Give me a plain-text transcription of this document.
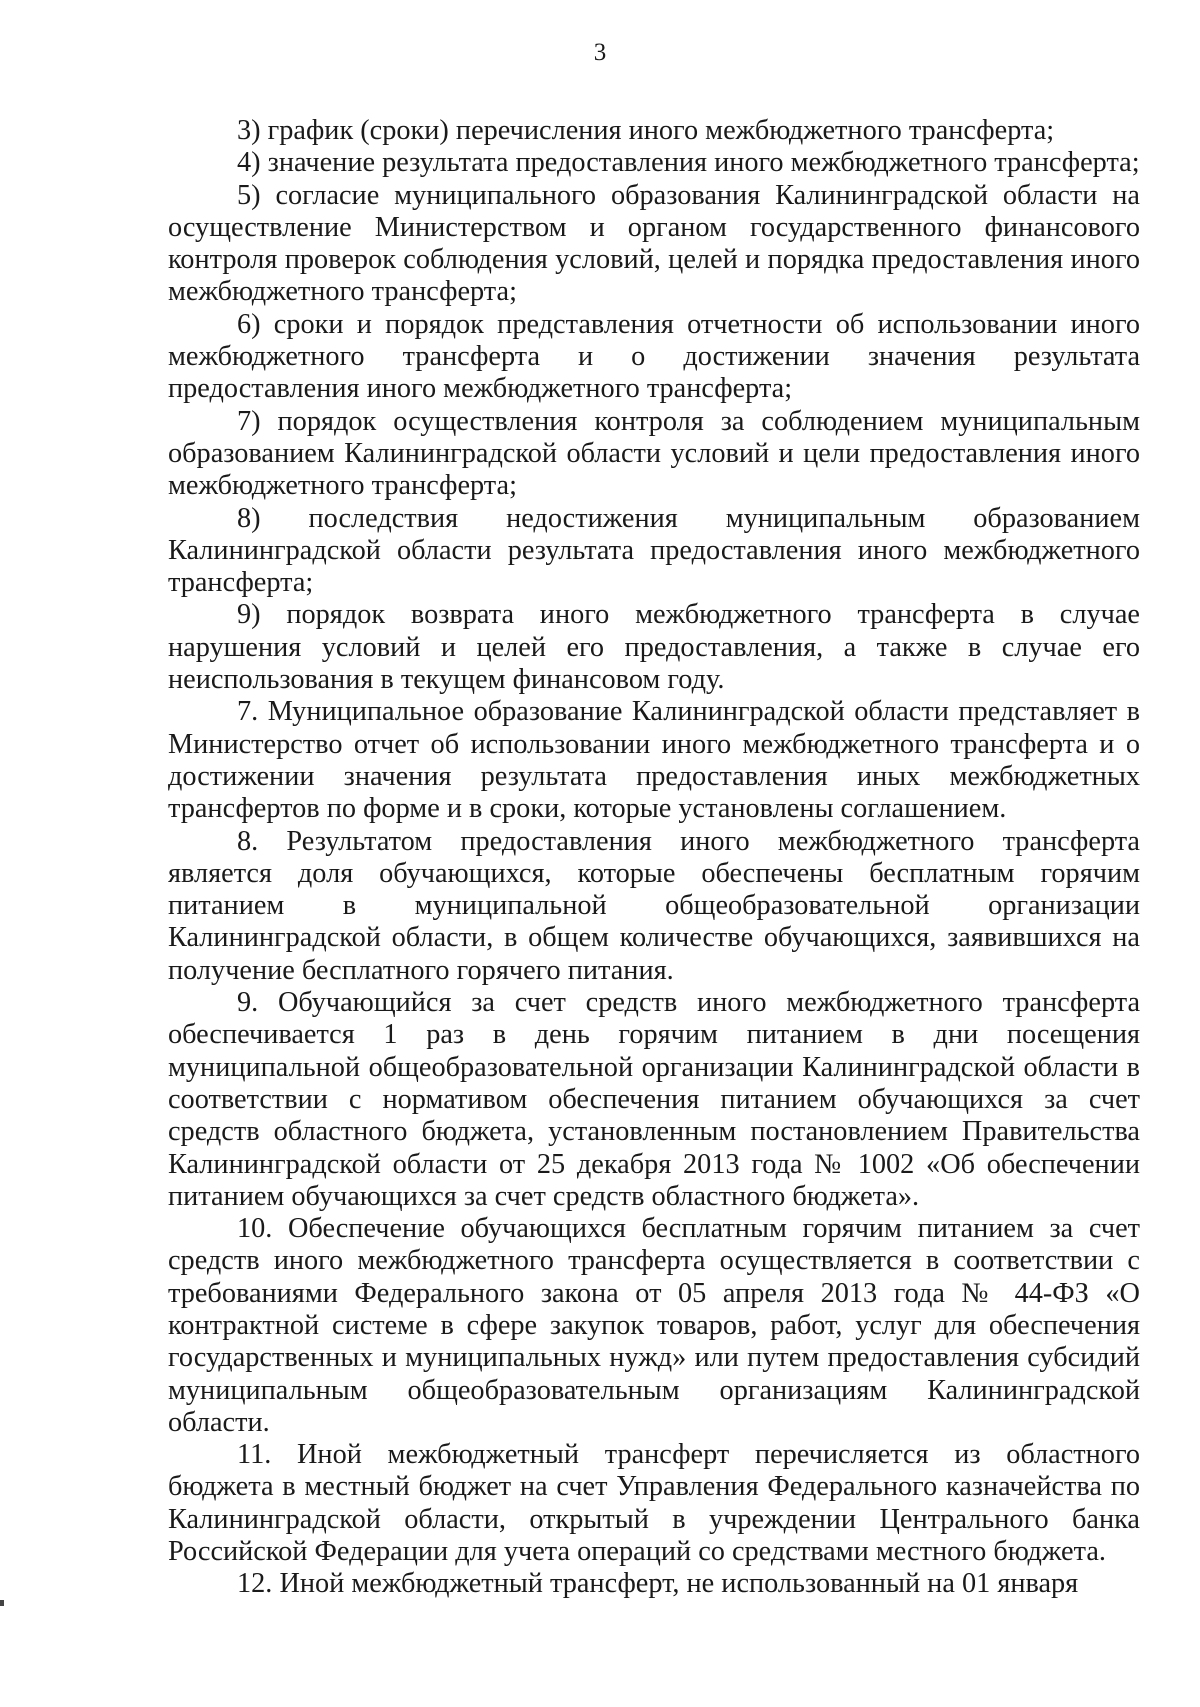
3

3) график (сроки) перечисления иного межбюджетного трансферта;

4) значение результата предоставления иного межбюджетного трансферта;

5) согласие муниципального образования Калининградской области на осуществление Министерством и органом государственного финансового контроля проверок соблюдения условий, целей и порядка предоставления иного межбюджетного трансферта;

6) сроки и порядок представления отчетности об использовании иного межбюджетного трансферта и о достижении значения результата предоставления иного межбюджетного трансферта;

7) порядок осуществления контроля за соблюдением муниципальным образованием Калининградской области условий и цели предоставления иного межбюджетного трансферта;

8) последствия недостижения муниципальным образованием Калининградской области результата предоставления иного межбюджетного трансферта;

9) порядок возврата иного межбюджетного трансферта в случае нарушения условий и целей его предоставления, а также в случае его неиспользования в текущем финансовом году.

7. Муниципальное образование Калининградской области представляет в Министерство отчет об использовании иного межбюджетного трансферта и о достижении значения результата предоставления иных межбюджетных трансфертов по форме и в сроки, которые установлены соглашением.

8. Результатом предоставления иного межбюджетного трансферта является доля обучающихся, которые обеспечены бесплатным горячим питанием в муниципальной общеобразовательной организации Калининградской области, в общем количестве обучающихся, заявившихся на получение бесплатного горячего питания.

9. Обучающийся за счет средств иного межбюджетного трансферта обеспечивается 1 раз в день горячим питанием в дни посещения муниципальной общеобразовательной организации Калининградской области в соответствии с нормативом обеспечения питанием обучающихся за счет средств областного бюджета, установленным постановлением Правительства Калининградской области от 25 декабря 2013 года № 1002 «Об обеспечении питанием обучающихся за счет средств областного бюджета».

10. Обеспечение обучающихся бесплатным горячим питанием за счет средств иного межбюджетного трансферта осуществляется в соответствии с требованиями Федерального закона от 05 апреля 2013 года № 44-ФЗ «О контрактной системе в сфере закупок товаров, работ, услуг для обеспечения государственных и муниципальных нужд» или путем предоставления субсидий муниципальным общеобразовательным организациям Калининградской области.

11. Иной межбюджетный трансферт перечисляется из областного бюджета в местный бюджет на счет Управления Федерального казначейства по Калининградской области, открытый в учреждении Центрального банка Российской Федерации для учета операций со средствами местного бюджета.

12. Иной межбюджетный трансферт, не использованный на 01 января
